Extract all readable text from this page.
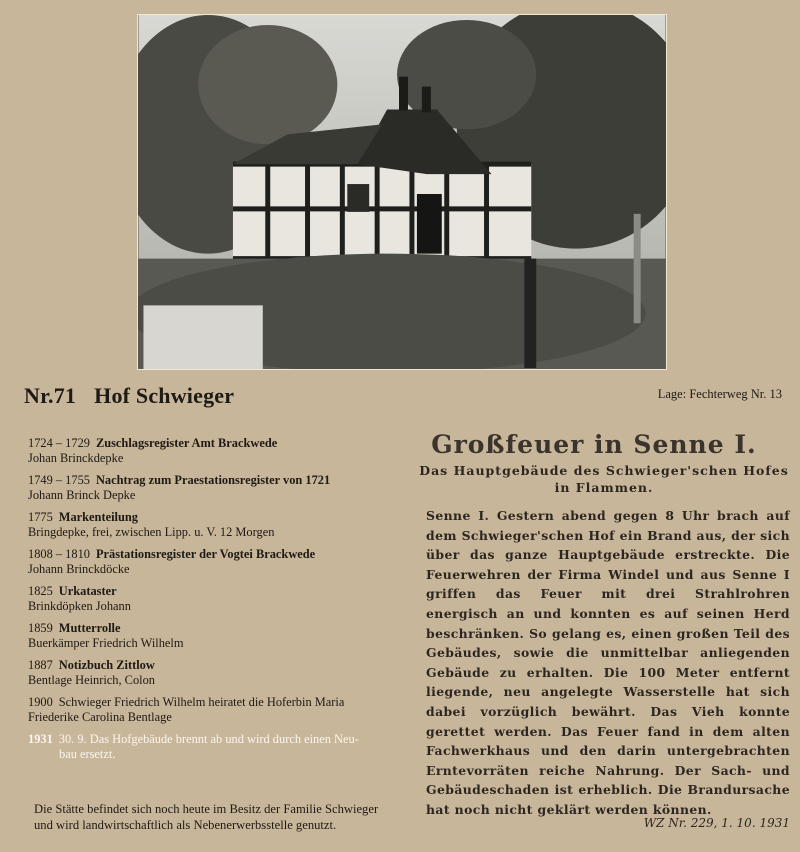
Nr.71 Hof Schwieger	Lage: Fechterweg Nr. 13
1724 – 1729 Zuschlagsregister Amt Brackwede
Johan Brinckdepke
1749 – 1755 Nachtrag zum Praestationsregister von 1721
Johann Brinck Depke
1775 Markenteilung
Bringdepke, frei, zwischen Lipp. u. V. 12 Morgen
1808 – 1810 Prästationsregister der Vogtei Brackwede
Johann Brinckdöcke
1825 Urkataster
Brinkdöpken Johann
1859 Mutterrolle
Buerkämper Friedrich Wilhelm
1887 Notizbuch Zittlow
Bentlage Heinrich, Colon
1900 Schwieger Friedrich Wilhelm heiratet die Hoferbin Maria
Friederike Carolina Bentlage
1931 30. 9. Das Hofgebäude brennt ab und wird durch einen Neu-
bau ersetzt.
Die Stätte befindet sich noch heute im Besitz der Familie Schwieger
und wird landwirtschaftlich als Nebenerwerbsstelle genutzt.
Großfeuer in Senne I.
Das Hauptgebäude des Schwieger'schen Hofes
in Flammen.
Senne I. Gestern abend gegen 8 Uhr brach auf dem Schwieger'schen Hof ein Brand aus, der sich über das ganze Hauptgebäude erstreckte. Die Feuerwehren der Firma Windel und aus Senne I griffen das Feuer mit drei Strahlrohren energisch an und konnten es auf seinen Herd beschränken. So gelang es, einen großen Teil des Gebäudes, sowie die unmittelbar anliegenden Gebäude zu erhalten. Die 100 Meter entfernt liegende, neu angelegte Wasserstelle hat sich dabei vorzüglich bewährt. Das Vieh konnte gerettet werden. Das Feuer fand in dem alten Fachwerkhaus und den darin untergebrachten Erntevorräten reiche Nahrung. Der Sach- und Gebäudeschaden ist erheblich. Die Brandursache hat noch nicht geklärt werden können.
WZ Nr. 229, 1. 10. 1931
